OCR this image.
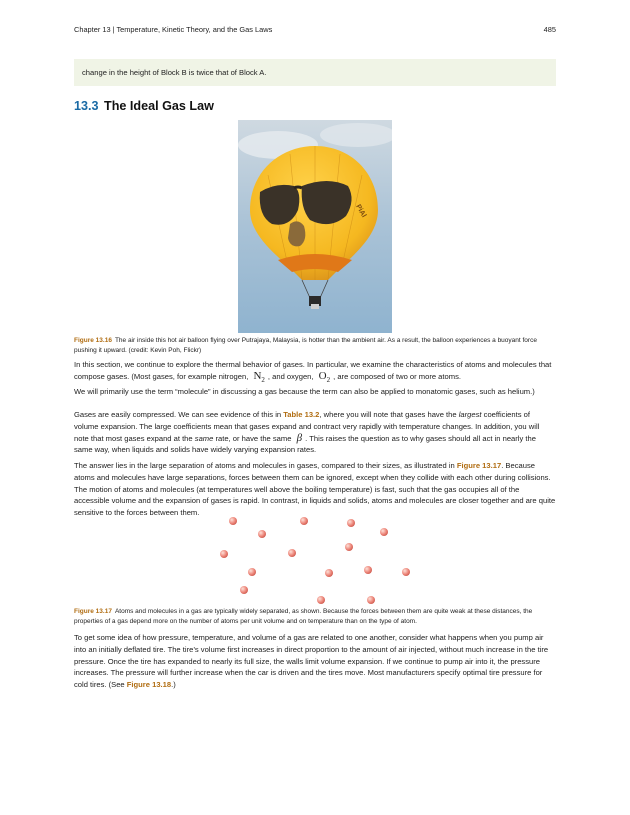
Chapter 13 | Temperature, Kinetic Theory, and the Gas Laws	485
change in the height of Block B is twice that of Block A.
13.3 The Ideal Gas Law
PiAl
Figure 13.16 The air inside this hot air balloon flying over Putrajaya, Malaysia, is hotter than the ambient air. As a result, the balloon experiences a buoyant force pushing it upward. (credit: Kevin Poh, Flickr)
In this section, we continue to explore the thermal behavior of gases. In particular, we examine the characteristics of atoms and molecules that compose gases. (Most gases, for example nitrogen, $N_2$ , and oxygen, $O_2$ , are composed of two or more atoms.
We will primarily use the term “molecule” in discussing a gas because the term can also be applied to monatomic gases, such as helium.)
Gases are easily compressed. We can see evidence of this in Table 13.2, where you will note that gases have the largest coefficients of volume expansion. The large coefficients mean that gases expand and contract very rapidly with temperature changes. In addition, you will note that most gases expand at the same rate, or have the same β . This raises the question as to why gases should all act in nearly the same way, when liquids and solids have widely varying expansion rates.
The answer lies in the large separation of atoms and molecules in gases, compared to their sizes, as illustrated in Figure 13.17. Because atoms and molecules have large separations, forces between them can be ignored, except when they collide with each other during collisions. The motion of atoms and molecules (at temperatures well above the boiling temperature) is fast, such that the gas occupies all of the accessible volume and the expansion of gases is rapid. In contrast, in liquids and solids, atoms and molecules are closer together and are quite sensitive to the forces between them.
Figure 13.17 Atoms and molecules in a gas are typically widely separated, as shown. Because the forces between them are quite weak at these distances, the properties of a gas depend more on the number of atoms per unit volume and on temperature than on the type of atom.
To get some idea of how pressure, temperature, and volume of a gas are related to one another, consider what happens when you pump air into an initially deflated tire. The tire’s volume first increases in direct proportion to the amount of air injected, without much increase in the tire pressure. Once the tire has expanded to nearly its full size, the walls limit volume expansion. If we continue to pump air into it, the pressure increases. The pressure will further increase when the car is driven and the tires move. Most manufacturers specify optimal tire pressure for cold tires. (See Figure 13.18.)
